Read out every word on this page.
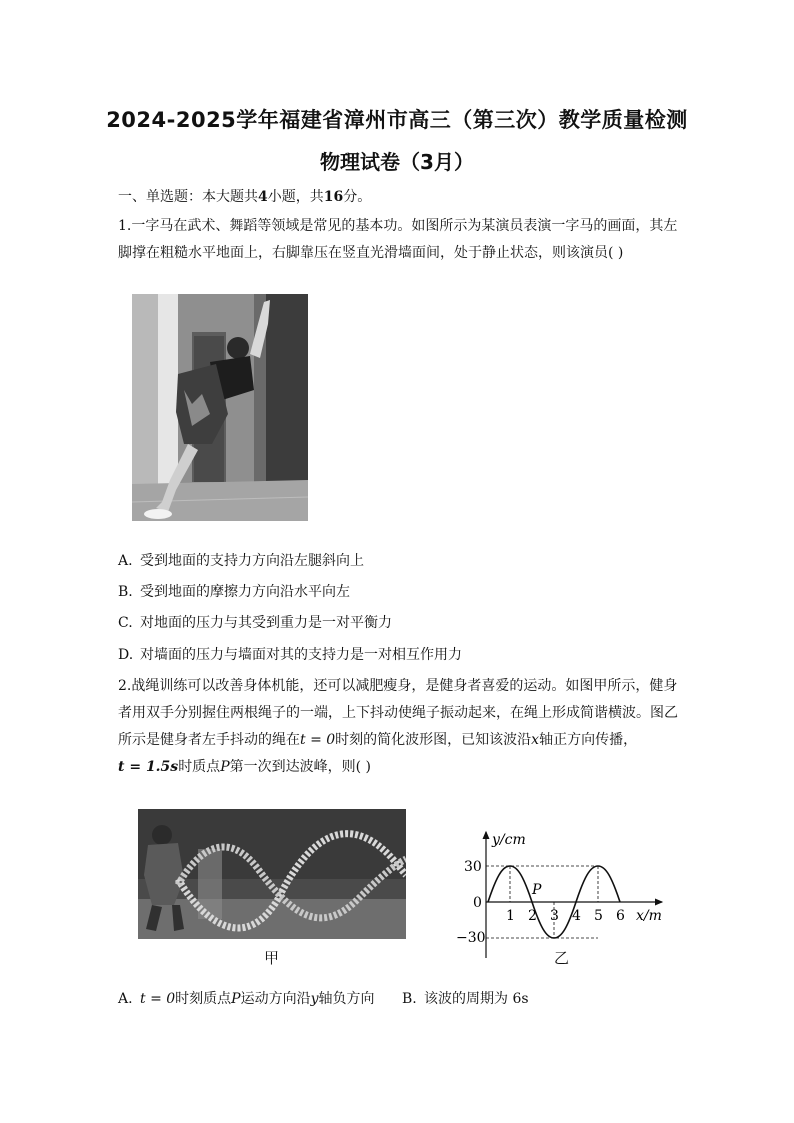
2024-2025学年福建省漳州市高三（第三次）教学质量检测
物理试卷（3月）
一、单选题：本大题共4小题，共16分。
1.一字马在武术、舞蹈等领域是常见的基本功。如图所示为某演员表演一字马的画面，其左
脚撑在粗糙水平地面上，右脚靠压在竖直光滑墙面间，处于静止状态，则该演员( )
A. 受到地面的支持力方向沿左腿斜向上
B. 受到地面的摩擦力方向沿水平向左
C. 对地面的压力与其受到重力是一对平衡力
D. 对墙面的压力与墙面对其的支持力是一对相互作用力
2.战绳训练可以改善身体机能，还可以减肥瘦身，是健身者喜爱的运动。如图甲所示，健身
者用双手分别握住两根绳子的一端，上下抖动使绳子振动起来，在绳上形成简谐横波。图乙
所示是健身者左手抖动的绳在t = 0时刻的简化波形图，已知该波沿x轴正方向传播，
t = 1.5s时质点P第一次到达波峰，则( )
甲
y/cm
x/m
30
0
−30
1 2 3 4 5 6
P
乙
A. t = 0时刻质点P运动方向沿y轴负方向 B. 该波的周期为 6s
